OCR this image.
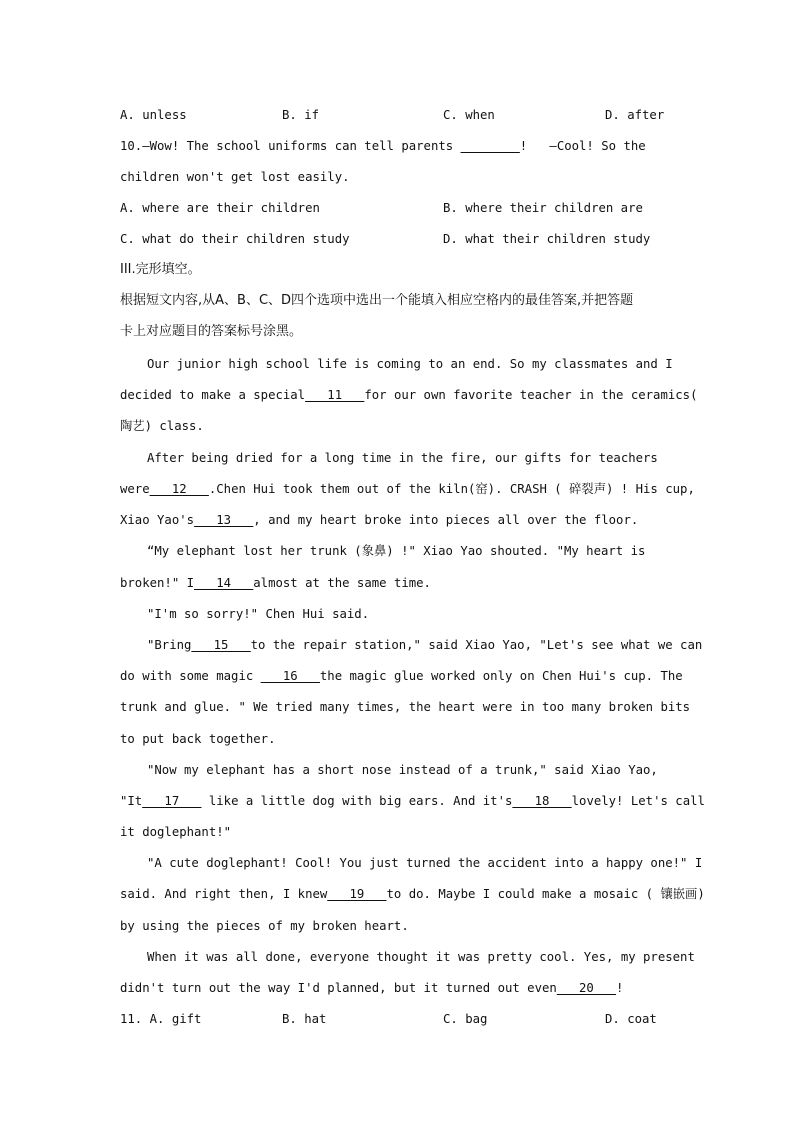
A. unless	B. if	C. when	D. after
10.—Wow! The school uniforms can tell parents ________!   —Cool! So the
children won't get lost easily.
A. where are their children	B. where their children are
C. what do their children study	D. what their children study
III.完形填空。
根据短文内容,从A、B、C、D四个选项中选出一个能填入相应空格内的最佳答案,并把答题
卡上对应题目的答案标号涂黑。
Our junior high school life is coming to an end. So my classmates and I
decided to make a special___11___for our own favorite teacher in the ceramics(
陶艺) class.
After being dried for a long time in the fire, our gifts for teachers
were___12___.Chen Hui took them out of the kiln(窑). CRASH ( 碎裂声) ! His cup,
Xiao Yao's___13___, and my heart broke into pieces all over the floor.
“My elephant lost her trunk (象鼻) !" Xiao Yao shouted. "My heart is
broken!" I___14___almost at the same time.
"I'm so sorry!" Chen Hui said.
"Bring___15___to the repair station," said Xiao Yao, "Let's see what we can
do with some magic ___16___the magic glue worked only on Chen Hui's cup. The
trunk and glue. " We tried many times, the heart were in too many broken bits
to put back together.
"Now my elephant has a short nose instead of a trunk," said Xiao Yao,
"It___17___ like a little dog with big ears. And it's___18___lovely! Let's call
it doglephant!"
"A cute doglephant! Cool! You just turned the accident into a happy one!" I
said. And right then, I knew___19___to do. Maybe I could make a mosaic ( 镶嵌画)
by using the pieces of my broken heart.
When it was all done, everyone thought it was pretty cool. Yes, my present
didn't turn out the way I'd planned, but it turned out even___20___!
11. A. gift	B. hat	C. bag	D. coat
